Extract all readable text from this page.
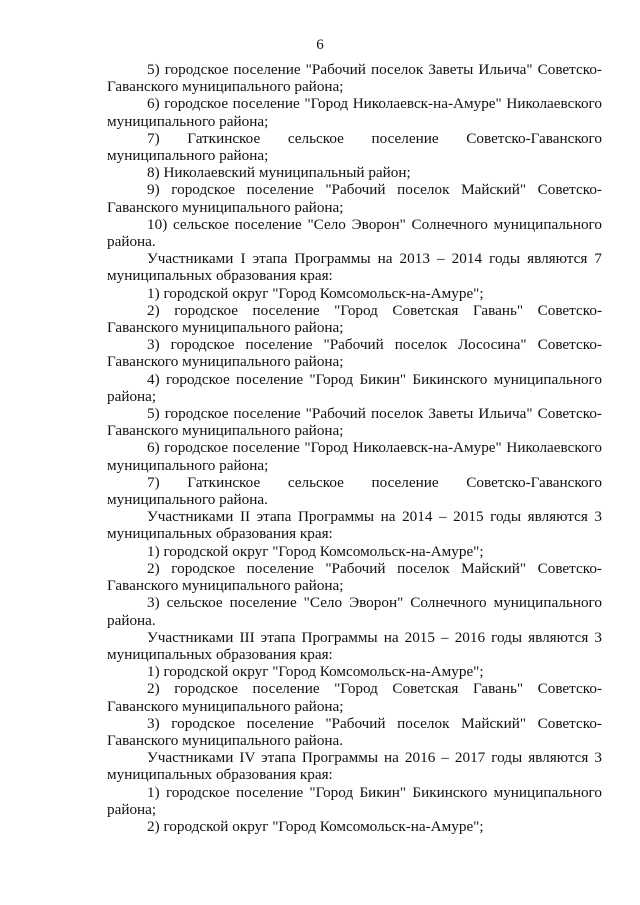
6

5) городское поселение "Рабочий поселок Заветы Ильича" Советско-Гаванского муниципального района;

6) городское поселение "Город Николаевск-на-Амуре" Николаевского муниципального района;

7) Гаткинское сельское поселение Советско-Гаванского муниципального района;

8) Николаевский муниципальный район;

9) городское поселение "Рабочий поселок Майский" Советско-Гаванского муниципального района;

10) сельское поселение "Село Эворон" Солнечного муниципального района.

Участниками I этапа Программы на 2013 – 2014 годы являются 7 муниципальных образования края:

1) городской округ "Город Комсомольск-на-Амуре";

2) городское поселение "Город Советская Гавань" Советско-Гаванского муниципального района;

3) городское поселение "Рабочий поселок Лососина" Советско-Гаванского муниципального района;

4) городское поселение "Город Бикин" Бикинского муниципального района;

5) городское поселение "Рабочий поселок Заветы Ильича" Советско-Гаванского муниципального района;

6) городское поселение "Город Николаевск-на-Амуре" Николаевского муниципального района;

7) Гаткинское сельское поселение Советско-Гаванского муниципального района.

Участниками II этапа Программы на 2014 – 2015 годы являются 3 муниципальных образования края:

1) городской округ "Город Комсомольск-на-Амуре";

2) городское поселение "Рабочий поселок Майский" Советско-Гаванского муниципального района;

3) сельское поселение "Село Эворон" Солнечного муниципального района.

Участниками III этапа Программы на 2015 – 2016 годы являются 3 муниципальных образования края:

1) городской округ "Город Комсомольск-на-Амуре";

2) городское поселение "Город Советская Гавань" Советско-Гаванского муниципального района;

3) городское поселение "Рабочий поселок Майский" Советско-Гаванского муниципального района.

Участниками IV этапа Программы на 2016 – 2017 годы являются 3 муниципальных образования края:

1) городское поселение "Город Бикин" Бикинского муниципального района;

2) городской округ "Город Комсомольск-на-Амуре";
